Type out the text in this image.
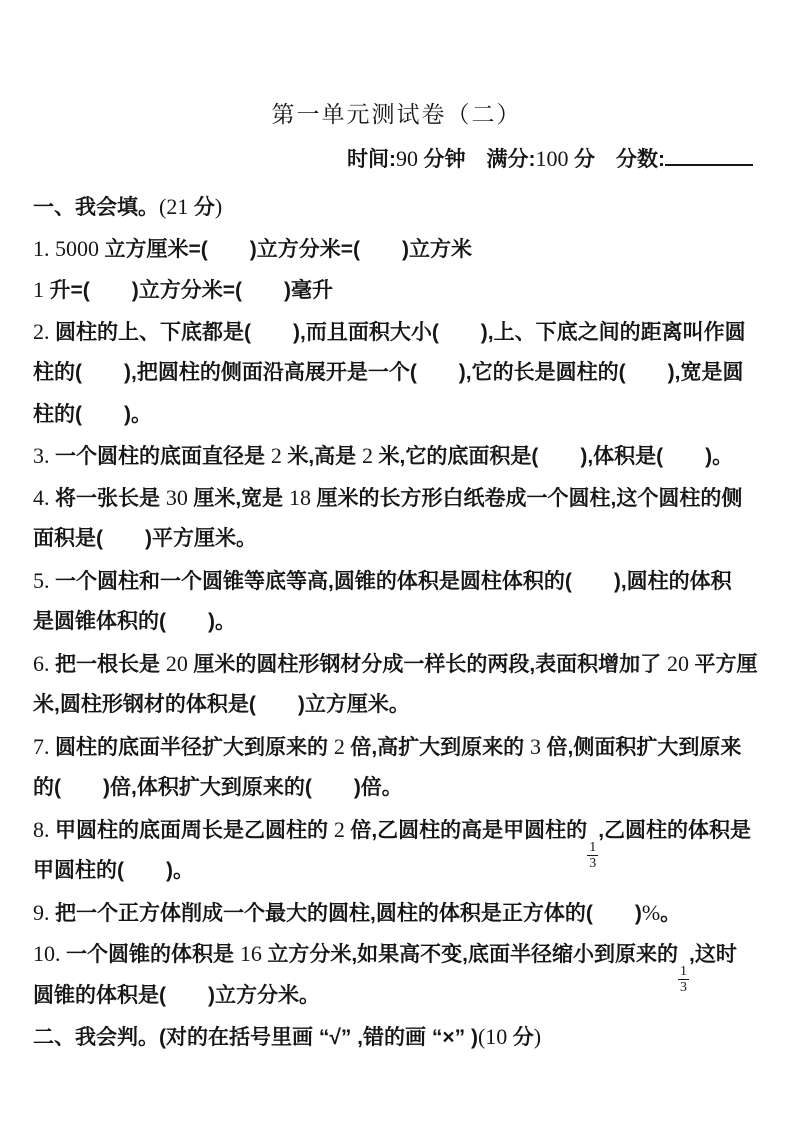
第一单元测试卷（二）
时间:90 分钟　满分:100 分　分数:
一、我会填。(21 分)
1. 5000 立方厘米=(　　)立方分米=(　　)立方米
1 升=(　　)立方分米=(　　)毫升
2. 圆柱的上、下底都是(　　),而且面积大小(　　),上、下底之间的距离叫作圆
柱的(　　),把圆柱的侧面沿高展开是一个(　　),它的长是圆柱的(　　),宽是圆
柱的(　　)。
3. 一个圆柱的底面直径是 2 米,高是 2 米,它的底面积是(　　),体积是(　　)。
4. 将一张长是 30 厘米,宽是 18 厘米的长方形白纸卷成一个圆柱,这个圆柱的侧
面积是(　　)平方厘米。
5. 一个圆柱和一个圆锥等底等高,圆锥的体积是圆柱体积的(　　),圆柱的体积
是圆锥体积的(　　)。
6. 把一根长是 20 厘米的圆柱形钢材分成一样长的两段,表面积增加了 20 平方厘
米,圆柱形钢材的体积是(　　)立方厘米。
7. 圆柱的底面半径扩大到原来的 2 倍,高扩大到原来的 3 倍,侧面积扩大到原来
的(　　)倍,体积扩大到原来的(　　)倍。
8. 甲圆柱的底面周长是乙圆柱的 2 倍,乙圆柱的高是甲圆柱的
$\frac{1}{3}$
,乙圆柱的体积是
甲圆柱的(　　)。
9. 把一个正方体削成一个最大的圆柱,圆柱的体积是正方体的(　　)%。
10. 一个圆锥的体积是 16 立方分米,如果高不变,底面半径缩小到原来的
$\frac{1}{3}$
,这时
圆锥的体积是(　　)立方分米。
二、我会判。(对的在括号里画 “√” ,错的画 “×” )(10 分)
